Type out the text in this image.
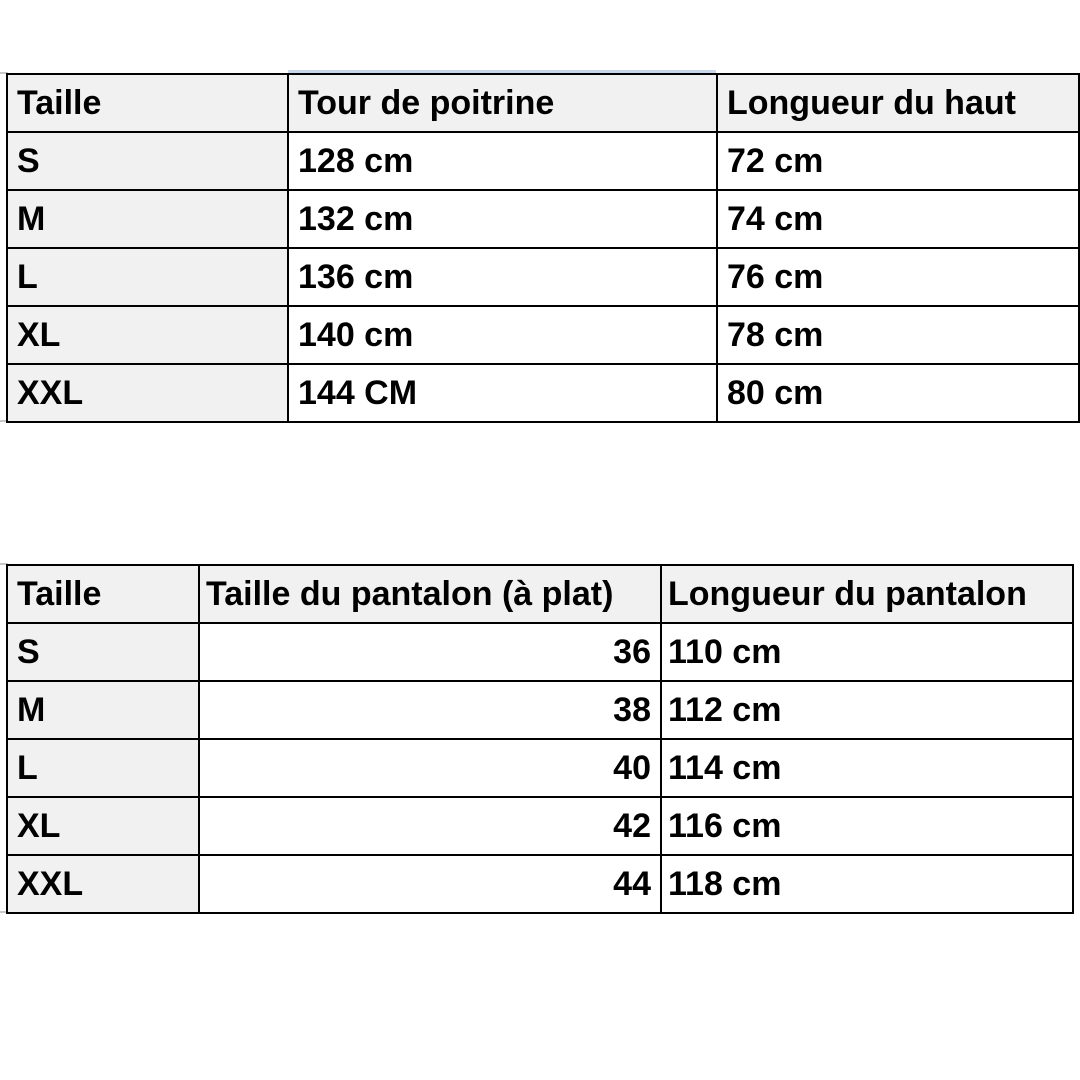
Taille	Tour de poitrine	Longueur du haut
S	128 cm	72 cm
M	132 cm	74 cm
L	136 cm	76 cm
XL	140 cm	78 cm
XXL	144 CM	80 cm
Taille	Taille du pantalon (à plat)	Longueur du pantalon
S	36	110 cm
M	38	112 cm
L	40	114 cm
XL	42	116 cm
XXL	44	118 cm
